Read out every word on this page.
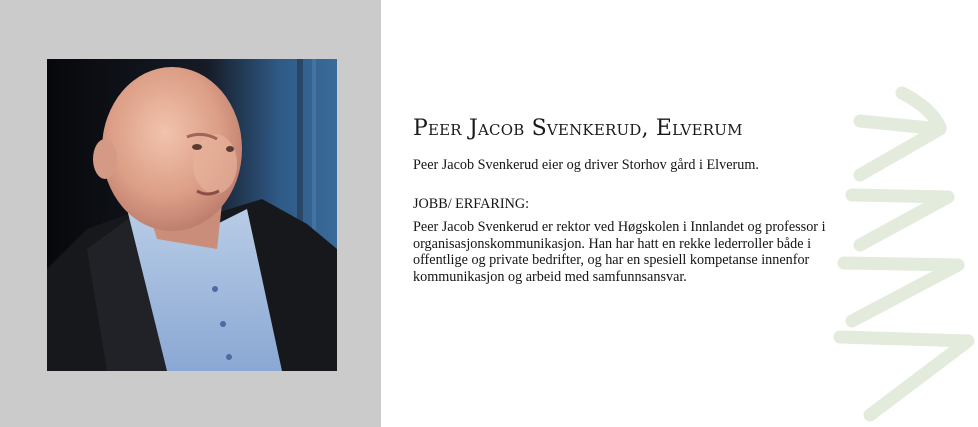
Peer Jacob Svenkerud, Elverum

Peer Jacob Svenkerud eier og driver Storhov gård i Elverum.

JOBB/ ERFARING:

Peer Jacob Svenkerud er rektor ved Høgskolen i Innlandet og professor i organisasjonskommunikasjon. Han har hatt en rekke lederroller både i offentlige og private bedrifter, og har en spesiell kompetanse innenfor kommunikasjon og arbeid med samfunnsansvar.
